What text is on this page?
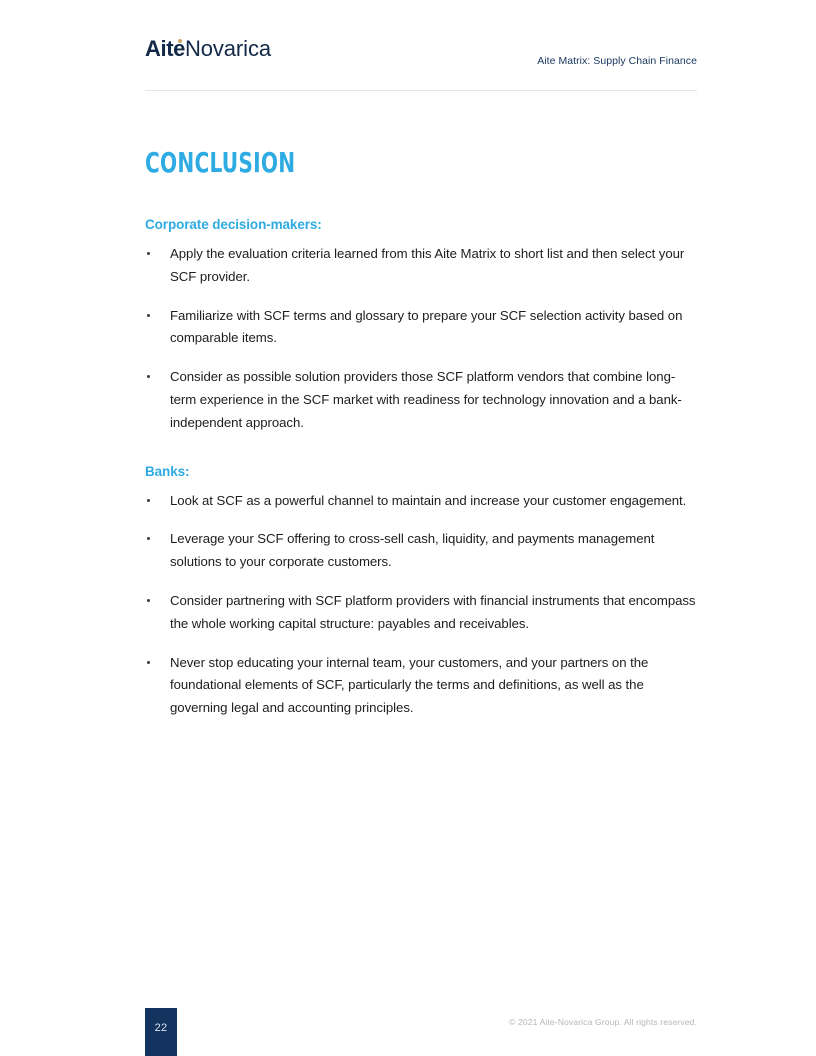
AiteNovarica	Aite Matrix: Supply Chain Finance
CONCLUSION
Corporate decision-makers:
Apply the evaluation criteria learned from this Aite Matrix to short list and then select your SCF provider.
Familiarize with SCF terms and glossary to prepare your SCF selection activity based on comparable items.
Consider as possible solution providers those SCF platform vendors that combine long-term experience in the SCF market with readiness for technology innovation and a bank-independent approach.
Banks:
Look at SCF as a powerful channel to maintain and increase your customer engagement.
Leverage your SCF offering to cross-sell cash, liquidity, and payments management solutions to your corporate customers.
Consider partnering with SCF platform providers with financial instruments that encompass the whole working capital structure: payables and receivables.
Never stop educating your internal team, your customers, and your partners on the foundational elements of SCF, particularly the terms and definitions, as well as the governing legal and accounting principles.
22	© 2021 Aite-Novarica Group. All rights reserved.
